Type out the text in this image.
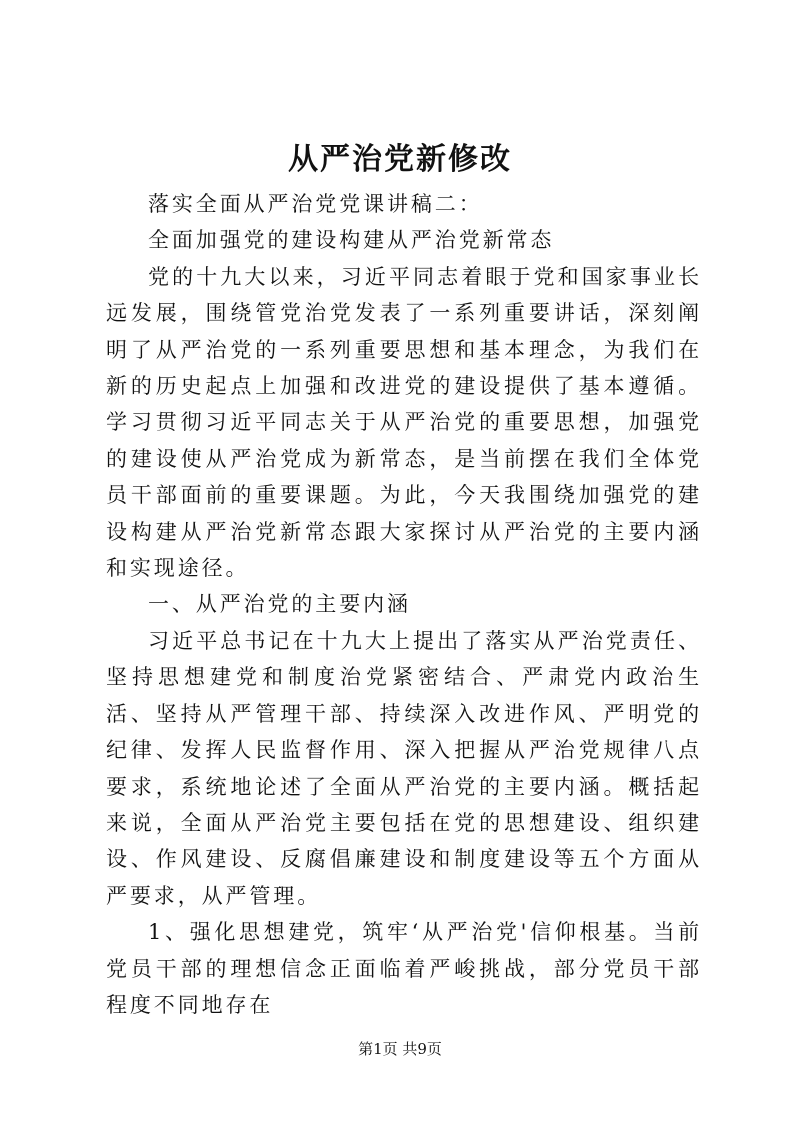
从严治党新修改

落实全面从严治党党课讲稿二：

全面加强党的建设构建从严治党新常态

党的十九大以来，习近平同志着眼于党和国家事业长远发展，围绕管党治党发表了一系列重要讲话，深刻阐明了从严治党的一系列重要思想和基本理念，为我们在新的历史起点上加强和改进党的建设提供了基本遵循。学习贯彻习近平同志关于从严治党的重要思想，加强党的建设使从严治党成为新常态，是当前摆在我们全体党员干部面前的重要课题。为此，今天我围绕加强党的建设构建从严治党新常态跟大家探讨从严治党的主要内涵和实现途径。

一、从严治党的主要内涵

习近平总书记在十九大上提出了落实从严治党责任、坚持思想建党和制度治党紧密结合、严肃党内政治生活、坚持从严管理干部、持续深入改进作风、严明党的纪律、发挥人民监督作用、深入把握从严治党规律八点要求，系统地论述了全面从严治党的主要内涵。概括起来说，全面从严治党主要包括在党的思想建设、组织建设、作风建设、反腐倡廉建设和制度建设等五个方面从严要求，从严管理。

1、强化思想建党，筑牢‘从严治党'信仰根基。当前党员干部的理想信念正面临着严峻挑战，部分党员干部程度不同地存在

第1页 共9页
